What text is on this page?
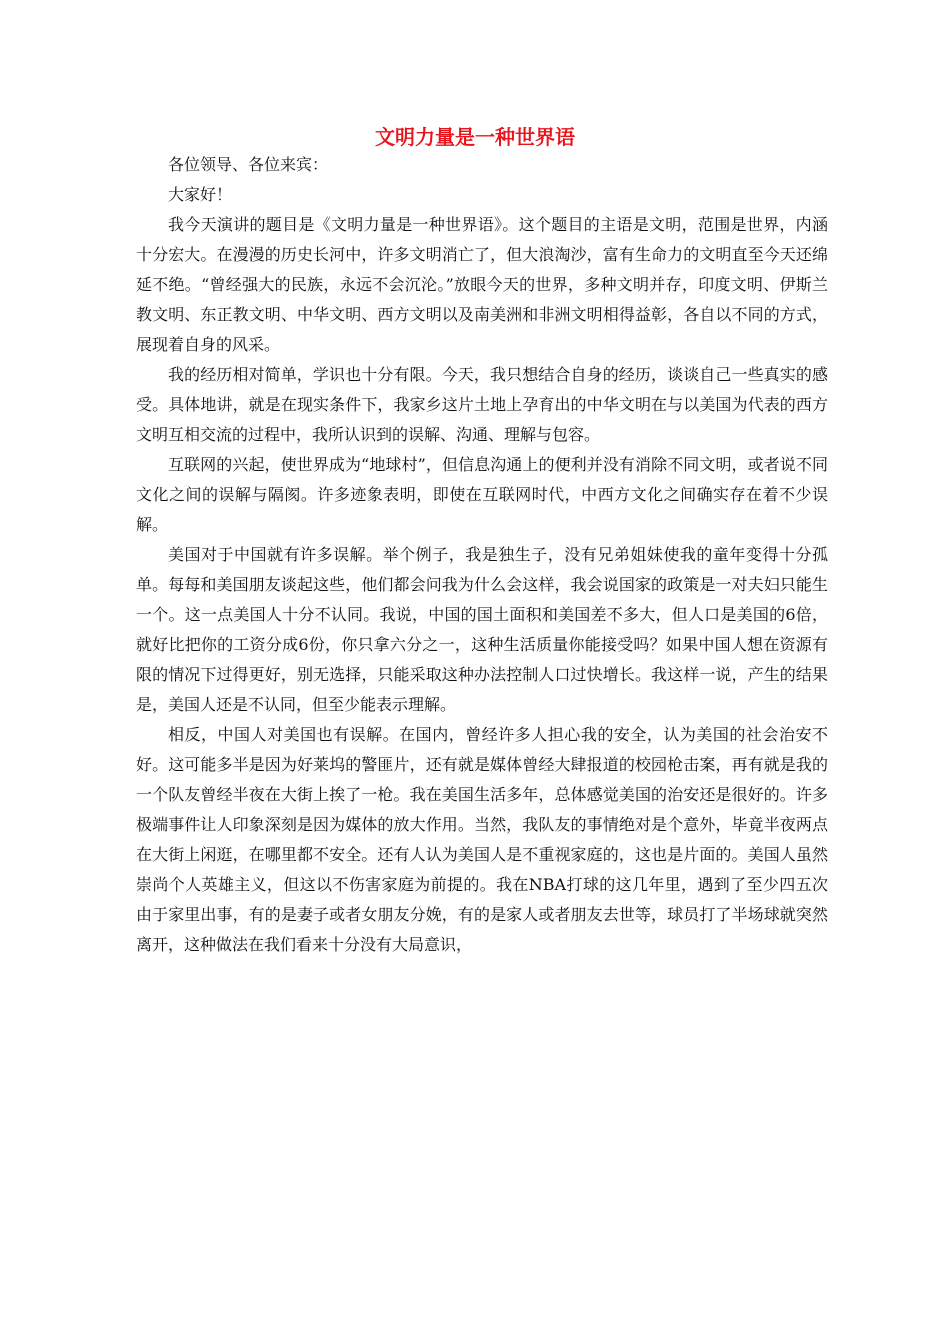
文明力量是一种世界语

各位领导、各位来宾：

大家好！

我今天演讲的题目是《文明力量是一种世界语》。这个题目的主语是文明，范围是世界，内涵十分宏大。在漫漫的历史长河中，许多文明消亡了，但大浪淘沙，富有生命力的文明直至今天还绵延不绝。“曾经强大的民族，永远不会沉沦。”放眼今天的世界，多种文明并存，印度文明、伊斯兰教文明、东正教文明、中华文明、西方文明以及南美洲和非洲文明相得益彰，各自以不同的方式，展现着自身的风采。

我的经历相对简单，学识也十分有限。今天，我只想结合自身的经历，谈谈自己一些真实的感受。具体地讲，就是在现实条件下，我家乡这片土地上孕育出的中华文明在与以美国为代表的西方文明互相交流的过程中，我所认识到的误解、沟通、理解与包容。

互联网的兴起，使世界成为“地球村”，但信息沟通上的便利并没有消除不同文明，或者说不同文化之间的误解与隔阂。许多迹象表明，即使在互联网时代，中西方文化之间确实存在着不少误解。

美国对于中国就有许多误解。举个例子，我是独生子，没有兄弟姐妹使我的童年变得十分孤单。每每和美国朋友谈起这些，他们都会问我为什么会这样，我会说国家的政策是一对夫妇只能生一个。这一点美国人十分不认同。我说，中国的国土面积和美国差不多大，但人口是美国的6倍，就好比把你的工资分成6份，你只拿六分之一，这种生活质量你能接受吗？如果中国人想在资源有限的情况下过得更好，别无选择，只能采取这种办法控制人口过快增长。我这样一说，产生的结果是，美国人还是不认同，但至少能表示理解。

相反，中国人对美国也有误解。在国内，曾经许多人担心我的安全，认为美国的社会治安不好。这可能多半是因为好莱坞的警匪片，还有就是媒体曾经大肆报道的校园枪击案，再有就是我的一个队友曾经半夜在大街上挨了一枪。我在美国生活多年，总体感觉美国的治安还是很好的。许多极端事件让人印象深刻是因为媒体的放大作用。当然，我队友的事情绝对是个意外，毕竟半夜两点在大街上闲逛，在哪里都不安全。还有人认为美国人是不重视家庭的，这也是片面的。美国人虽然崇尚个人英雄主义，但这以不伤害家庭为前提的。我在NBA打球的这几年里，遇到了至少四五次由于家里出事，有的是妻子或者女朋友分娩，有的是家人或者朋友去世等，球员打了半场球就突然离开，这种做法在我们看来十分没有大局意识，
